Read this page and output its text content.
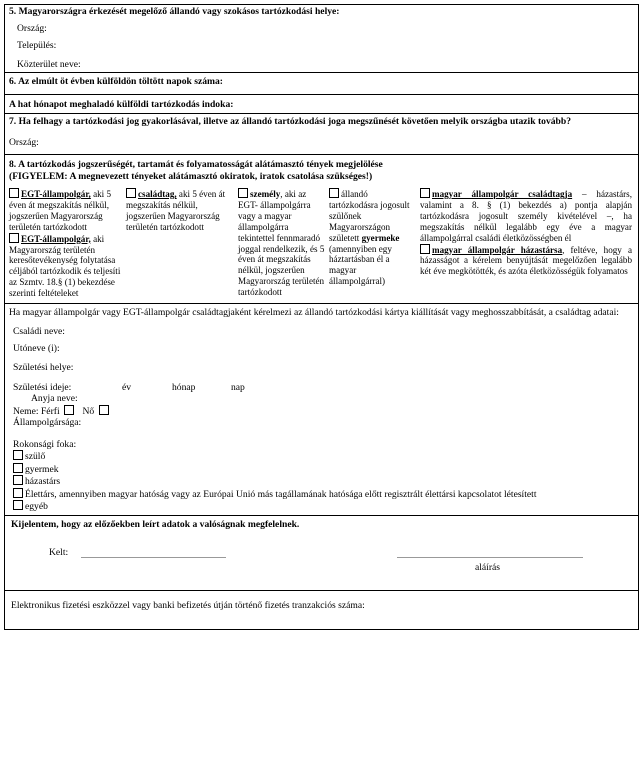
5. Magyarországra érkezését megelőző állandó vagy szokásos tartózkodási helye:
Ország:
Település:
Közterület neve:
6. Az elmúlt öt évben külföldön töltött napok száma:
A hat hónapot meghaladó külföldi tartózkodás indoka:
7. Ha felhagy a tartózkodási jog gyakorlásával, illetve az állandó tartózkodási joga megszűnését követően melyik országba utazik tovább?
Ország:
8. A tartózkodás jogszerűségét, tartamát és folyamatosságát alátámasztó tények megjelölése
(FIGYELEM: A megnevezett tényeket alátámasztó okiratok, iratok csatolása szükséges!)
EGT-állampolgár, aki 5 éven át megszakítás nélkül, jogszerűen Magyarország területén tartózkodott
EGT-állampolgár, aki Magyarország területén keresőtevékenység folytatása céljából tartózkodik és teljesíti az Szmtv. 18.§ (1) bekezdése szerinti feltételeket
családtag, aki 5 éven át megszakítás nélkül, jogszerűen Magyarország területén tartózkodott
személy, aki az EGT- állampolgárra vagy a magyar állampolgárra tekintettel fennmaradó joggal rendelkezik, és 5 éven át megszakítás nélkül, jogszerűen Magyarország területén tartózkodott
állandó tartózkodásra jogosult szülőnek Magyarországon született gyermeke (amennyiben egy háztartásban él a magyar állampolgárral)
magyar állampolgár családtagja – házastárs, valamint a 8. § (1) bekezdés a) pontja alapján tartózkodásra jogosult személy kivételével –, ha megszakítás nélkül legalább egy éve a magyar állampolgárral családi életközösségben él
magyar állampolgár házastársa, feltéve, hogy a házasságot a kérelem benyújtását megelőzően legalább két éve megkötötték, és azóta életközösségük folyamatos
Ha magyar állampolgár vagy EGT-állampolgár családtagjaként kérelmezi az állandó tartózkodási kártya kiállítását vagy meghosszabbítását, a családtag adatai:
Családi neve:
Utóneve (i):
Születési helye:
Születési ideje:	év	hónap	nap
Anyja neve:
Neme: Férfi Nő
Állampolgársága:
Rokonsági foka:
szülő
gyermek
házastárs
Élettárs, amennyiben magyar hatóság vagy az Európai Unió más tagállamának hatósága előtt regisztrált élettársi kapcsolatot létesített
egyéb
Kijelentem, hogy az előzőekben leírt adatok a valóságnak megfelelnek.
Kelt:
aláírás
Elektronikus fizetési eszközzel vagy banki befizetés útján történő fizetés tranzakciós száma:
